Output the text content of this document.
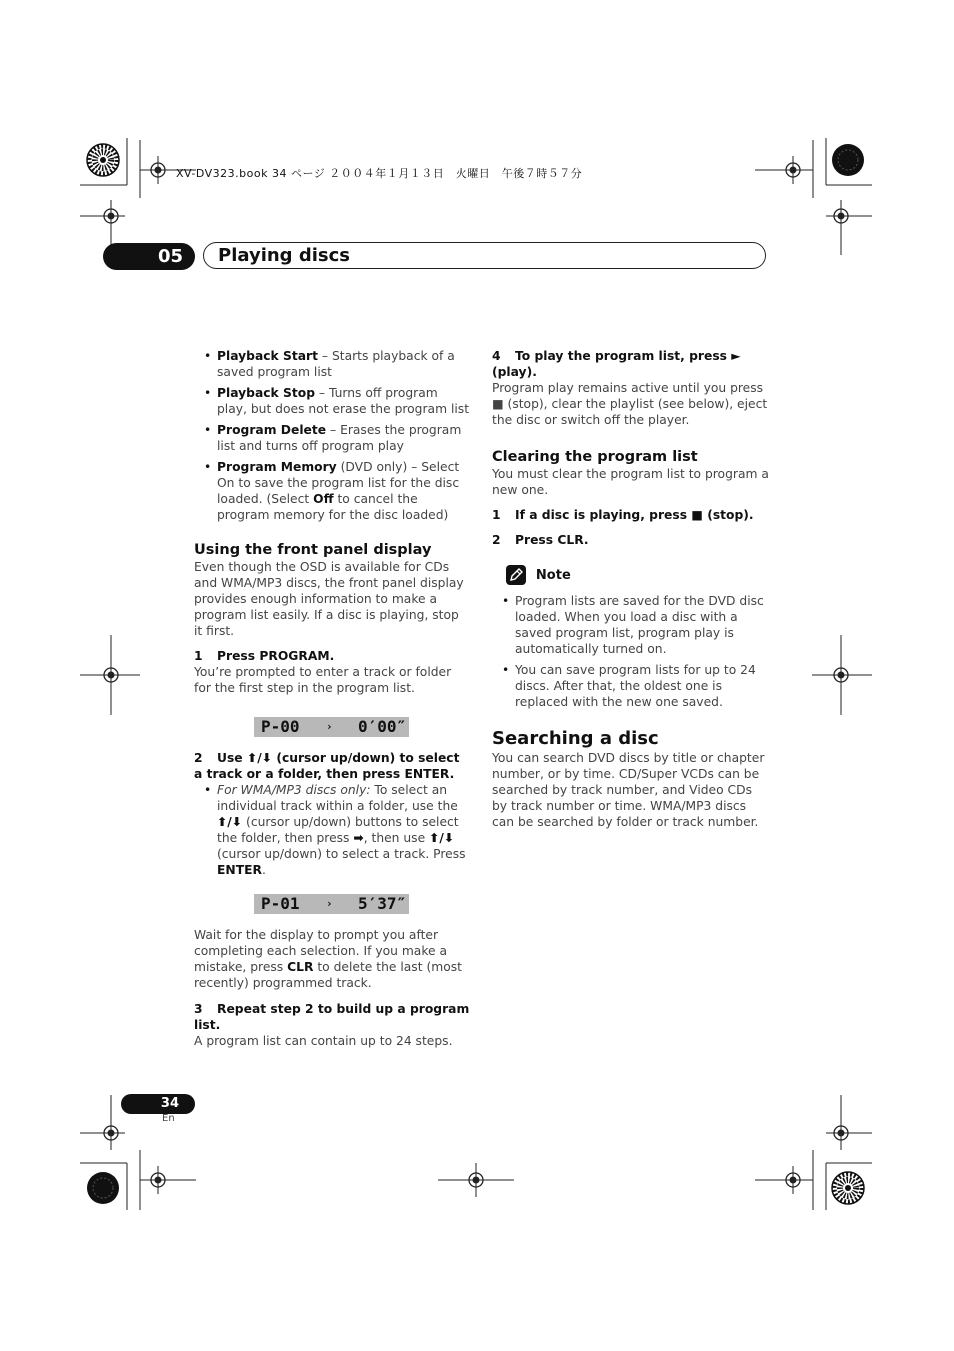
XV-DV323.book 34 ページ ２００４年１月１３日　火曜日　午後７時５７分
05	Playing discs
• Playback Start – Starts playback of a saved program list
• Playback Stop – Turns off program play, but does not erase the program list
• Program Delete – Erases the program list and turns off program play
• Program Memory (DVD only) – Select On to save the program list for the disc loaded. (Select Off to cancel the program memory for the disc loaded)

Using the front panel display

Even though the OSD is available for CDs and WMA/MP3 discs, the front panel display provides enough information to make a program list easily. If a disc is playing, stop it first.

1 Press PROGRAM.

You’re prompted to enter a track or folder for the first step in the program list.

P-00

›

0′00″

2 Use ⬆/⬇ (cursor up/down) to select a track or a folder, then press ENTER.

• For WMA/MP3 discs only: To select an individual track within a folder, use the ⬆/⬇ (cursor up/down) buttons to select the folder, then press ➡, then use ⬆/⬇ (cursor up/down) to select a track. Press ENTER.

P-01

›

5′37″

Wait for the display to prompt you after completing each selection. If you make a mistake, press CLR to delete the last (most recently) programmed track.

3 Repeat step 2 to build up a program list.

A program list can contain up to 24 steps.

4 To play the program list, press ► (play).

Program play remains active until you press ■ (stop), clear the playlist (see below), eject the disc or switch off the player.

Clearing the program list

You must clear the program list to program a new one.

1 If a disc is playing, press ■ (stop).

2 Press CLR.

Note

• Program lists are saved for the DVD disc loaded. When you load a disc with a saved program list, program play is automatically turned on.
• You can save program lists for up to 24 discs. After that, the oldest one is replaced with the new one saved.

Searching a disc

You can search DVD discs by title or chapter number, or by time. CD/Super VCDs can be searched by track number, and Video CDs by track number or time. WMA/MP3 discs can be searched by folder or track number.

34
En
